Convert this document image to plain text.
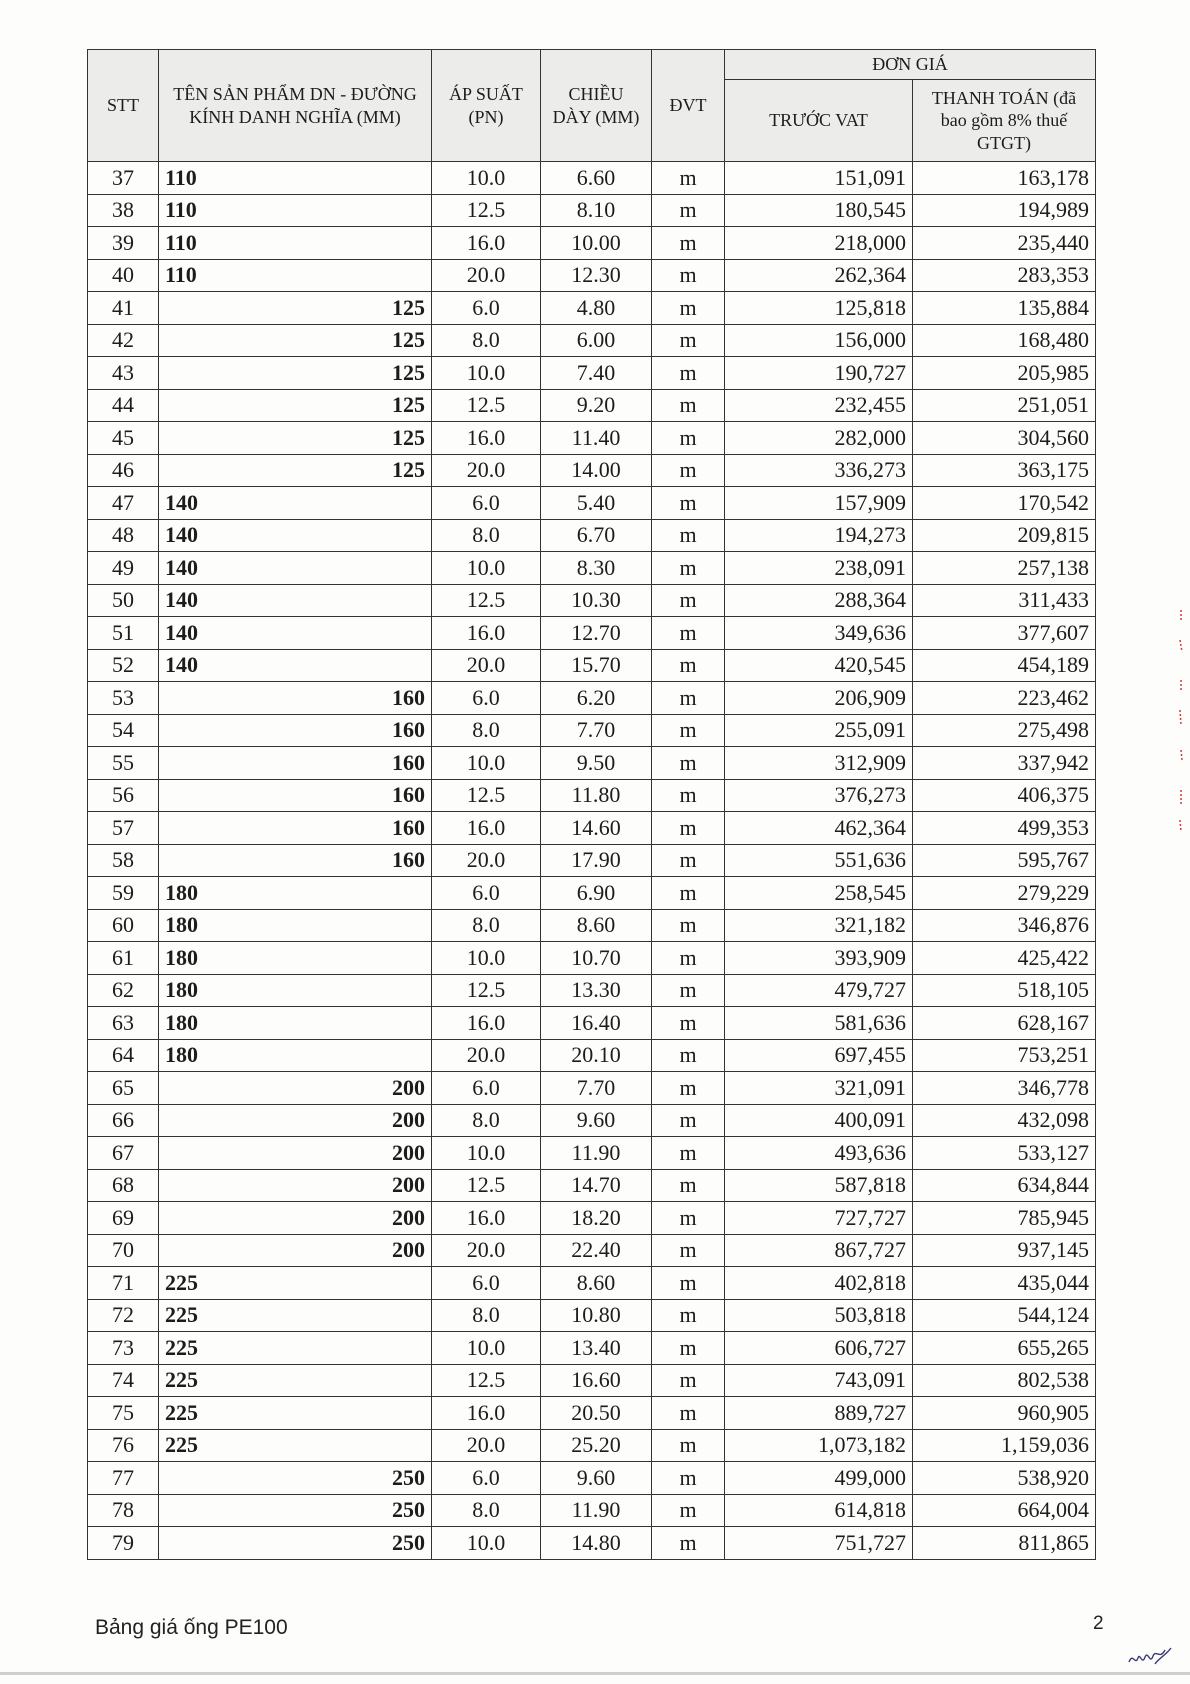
STT	TÊN SẢN PHẨM DN - ĐƯỜNG KÍNH DANH NGHĨA (MM)	ÁP SUẤT (PN)	CHIỀU DÀY (MM)	ĐVT	ĐƠN GIÁ	
					TRƯỚC VAT	THANH TOÁN (đã bao gồm 8% thuế GTGT)
37	110	10.0	6.60	m	151,091	163,178
38	110	12.5	8.10	m	180,545	194,989
39	110	16.0	10.00	m	218,000	235,440
40	110	20.0	12.30	m	262,364	283,353
41	125	6.0	4.80	m	125,818	135,884
42	125	8.0	6.00	m	156,000	168,480
43	125	10.0	7.40	m	190,727	205,985
44	125	12.5	9.20	m	232,455	251,051
45	125	16.0	11.40	m	282,000	304,560
46	125	20.0	14.00	m	336,273	363,175
47	140	6.0	5.40	m	157,909	170,542
48	140	8.0	6.70	m	194,273	209,815
49	140	10.0	8.30	m	238,091	257,138
50	140	12.5	10.30	m	288,364	311,433
51	140	16.0	12.70	m	349,636	377,607
52	140	20.0	15.70	m	420,545	454,189
53	160	6.0	6.20	m	206,909	223,462
54	160	8.0	7.70	m	255,091	275,498
55	160	10.0	9.50	m	312,909	337,942
56	160	12.5	11.80	m	376,273	406,375
57	160	16.0	14.60	m	462,364	499,353
58	160	20.0	17.90	m	551,636	595,767
59	180	6.0	6.90	m	258,545	279,229
60	180	8.0	8.60	m	321,182	346,876
61	180	10.0	10.70	m	393,909	425,422
62	180	12.5	13.30	m	479,727	518,105
63	180	16.0	16.40	m	581,636	628,167
64	180	20.0	20.10	m	697,455	753,251
65	200	6.0	7.70	m	321,091	346,778
66	200	8.0	9.60	m	400,091	432,098
67	200	10.0	11.90	m	493,636	533,127
68	200	12.5	14.70	m	587,818	634,844
69	200	16.0	18.20	m	727,727	785,945
70	200	20.0	22.40	m	867,727	937,145
71	225	6.0	8.60	m	402,818	435,044
72	225	8.0	10.80	m	503,818	544,124
73	225	10.0	13.40	m	606,727	655,265
74	225	12.5	16.60	m	743,091	802,538
75	225	16.0	20.50	m	889,727	960,905
76	225	20.0	25.20	m	1,073,182	1,159,036
77	250	6.0	9.60	m	499,000	538,920
78	250	8.0	11.90	m	614,818	664,004
79	250	10.0	14.80	m	751,727	811,865
Bảng giá ống PE100	2
